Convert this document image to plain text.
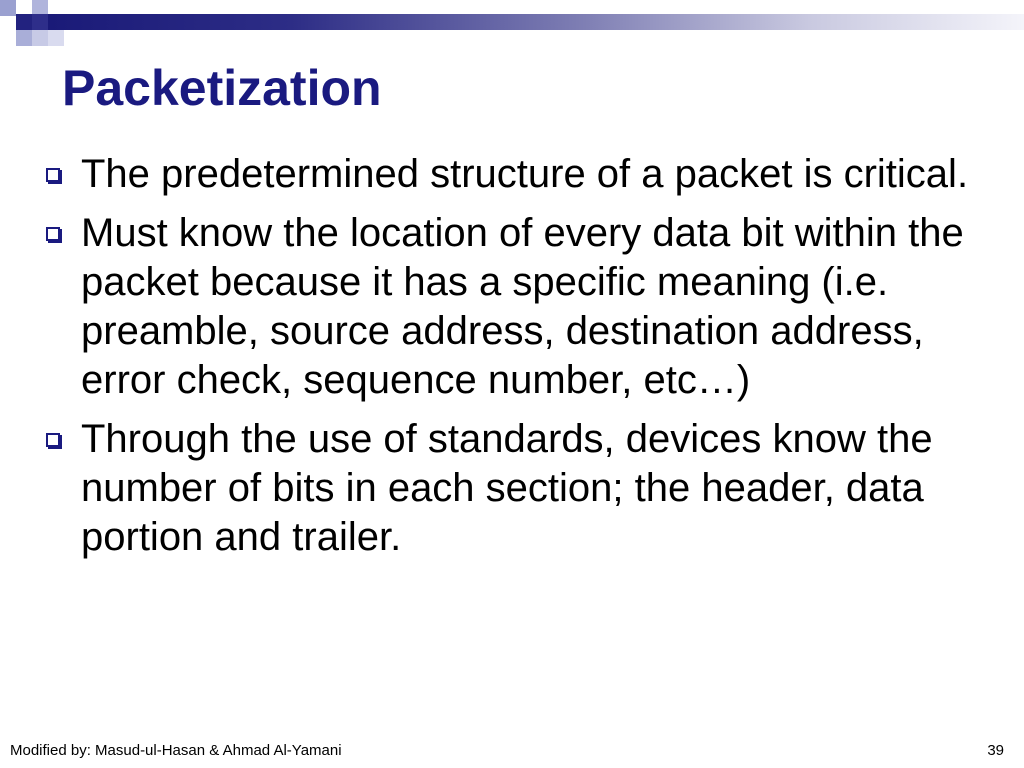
Packetization
The predetermined structure of a packet is critical.
Must know the location of every data bit within the packet because it has a specific meaning (i.e. preamble, source address, destination address, error check, sequence number, etc…)
Through the use of standards, devices know the number of bits in each section; the header, data portion and trailer.
Modified by: Masud-ul-Hasan & Ahmad Al-Yamani	39
